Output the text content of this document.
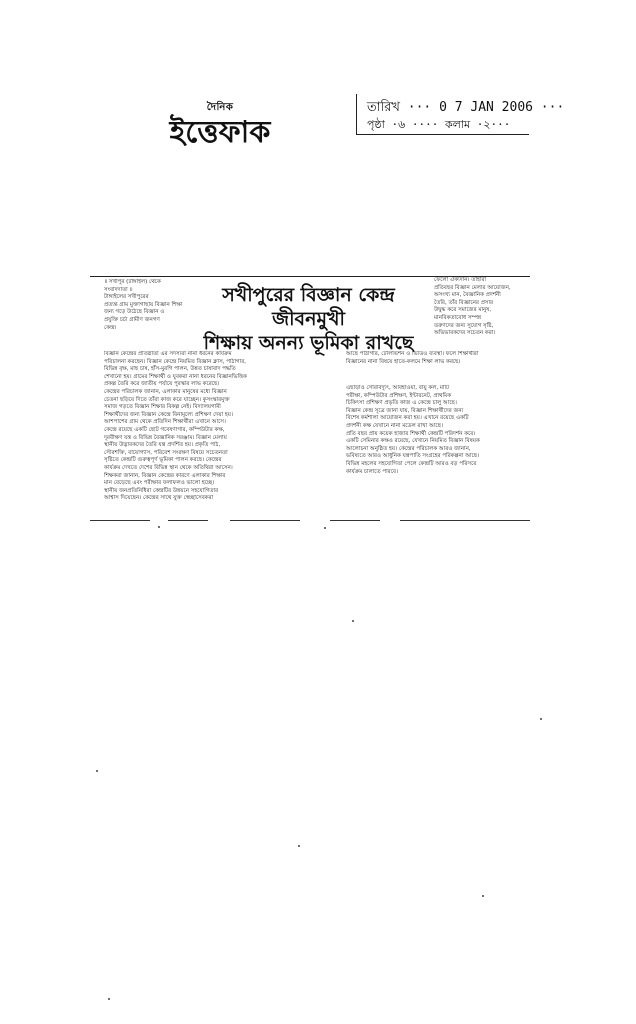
দৈনিক
ইত্তেফাক
তারিখ ··· 0 7 JAN 2006 ···
পৃষ্ঠা ·৬ ···· কলাম ·২···

॥ সখীপুর (টাঙ্গাইল) থেকে

সংবাদদাতা ॥

টাঙ্গাইলের সখীপুরের

প্রত্যন্ত গ্রাম মুক্তাগাছায় বিজ্ঞান শিক্ষা

জন্য গড়ে উঠেছে বিজ্ঞান ও

প্রযুক্তি চর্চা গ্রামীণ জনগণ

কেন্দ্র।

সখীপুরের বিজ্ঞান কেন্দ্র জীবনমুখী
শিক্ষায় অনন্য ভূমিকা রাখছে

ফেলো ঐক্যদান। তাহারা

প্রতিবছর বিজ্ঞান মেলার আয়োজন,

অসংখ্য মান, বৈজ্ঞানিক প্রদর্শনী

তৈরি, তাঁর বিজ্ঞানের প্রসার

উদ্বুদ্ধ করে সমাজের মানুষ,

মানবিকতাবোধ সম্পন্ন

তরুণদের জন্য সুযোগ সৃষ্টি,

অভিভাবকদের সচেতন করা।

বিজ্ঞান কেন্দ্রের প্রতিষ্ঠাতা এর সদস্যরা নানা ধরনের কার্যক্রম

পরিচালনা করছেন। বিজ্ঞান কেন্দ্রে নিয়মিত বিজ্ঞান ক্লাস, পাঠাগার,

বিভিন্ন বৃক্ষ, মাছ চাষ, হাঁস-মুরগি পালন, উন্নত চাষাবাদ পদ্ধতি

শেখানো হয়। গ্রামের শিক্ষার্থী ও যুবকরা নানা ধরনের বিজ্ঞানভিত্তিক

প্রকল্প তৈরি করে জাতীয় পর্যায়ে পুরস্কার লাভ করেছে।

কেন্দ্রের পরিচালক জানান, এলাকার মানুষের মধ্যে বিজ্ঞান

চেতনা ছড়িয়ে দিতে তাঁরা কাজ করে যাচ্ছেন। কুসংস্কারমুক্ত

সমাজ গড়তে বিজ্ঞান শিক্ষার বিকল্প নেই। বিদ্যালয়গামী

শিক্ষার্থীদের জন্য বিজ্ঞান কেন্দ্রে বিনামূল্যে প্রশিক্ষণ দেয়া হয়।

আশপাশের গ্রাম থেকে প্রতিদিন শিক্ষার্থীরা এখানে আসে।

কেন্দ্রে রয়েছে একটি ছোট গবেষণাগার, কম্পিউটার কক্ষ,

দূরবীক্ষণ যন্ত্র ও বিভিন্ন বৈজ্ঞানিক সরঞ্জাম। বিজ্ঞান মেলায়

স্থানীয় উদ্ভাবকদের তৈরি যন্ত্র প্রদর্শিত হয়। প্রকৃতি পাঠ,

সৌরশক্তি, বায়োগ্যাস, পরিবেশ সংরক্ষণ বিষয়ে সচেতনতা

সৃষ্টিতে কেন্দ্রটি গুরুত্বপূর্ণ ভূমিকা পালন করছে। কেন্দ্রের

কার্যক্রম দেখতে দেশের বিভিন্ন স্থান থেকে অতিথিরা আসেন।

শিক্ষকরা জানান, বিজ্ঞান কেন্দ্রের কারণে এলাকার শিক্ষার

মান বেড়েছে এবং পরীক্ষার ফলাফলও ভালো হচ্ছে।

স্থানীয় জনপ্রতিনিধিরা কেন্দ্রটির উন্নয়নে সহযোগিতার

আশ্বাস দিয়েছেন। কেন্দ্রের সাথে যুক্ত স্বেচ্ছাসেবকরা

আছে পাঠাগার, টেলিভিশন ও ভিডিও ব্যবস্থা। ফলে শিক্ষার্থীরা

বিজ্ঞানের নানা বিষয়ে হাতে-কলমে শিক্ষা লাভ করছে।

এছাড়াও সৌরবিদ্যুৎ, আবহাওয়া, বায়ু কল, মাটি

পরীক্ষা, কম্পিউটার প্রশিক্ষণ, ইন্টারনেট, প্রাথমিক

চিকিৎসা প্রশিক্ষণ প্রভৃতি কাজ এ কেন্দ্রে চালু আছে।

বিজ্ঞান কেন্দ্র সূত্রে জানা যায়, বিজ্ঞান শিক্ষার্থীদের জন্য

বিশেষ কর্মশালা আয়োজন করা হয়। এখানে রয়েছে একটি

প্রদর্শনী কক্ষ যেখানে নানা মডেল রাখা আছে।

প্রতি বছর প্রায় কয়েক হাজার শিক্ষার্থী কেন্দ্রটি পরিদর্শন করে।

একটি সেমিনার কক্ষও রয়েছে, যেখানে নিয়মিত বিজ্ঞান বিষয়ক

আলোচনা অনুষ্ঠিত হয়। কেন্দ্রের পরিচালক আরও জানান,

ভবিষ্যতে আরও আধুনিক যন্ত্রপাতি সংগ্রহের পরিকল্পনা আছে।

বিভিন্ন মহলের সহযোগিতা পেলে কেন্দ্রটি আরও বড় পরিসরে

কার্যক্রম চালাতে পারবে।
